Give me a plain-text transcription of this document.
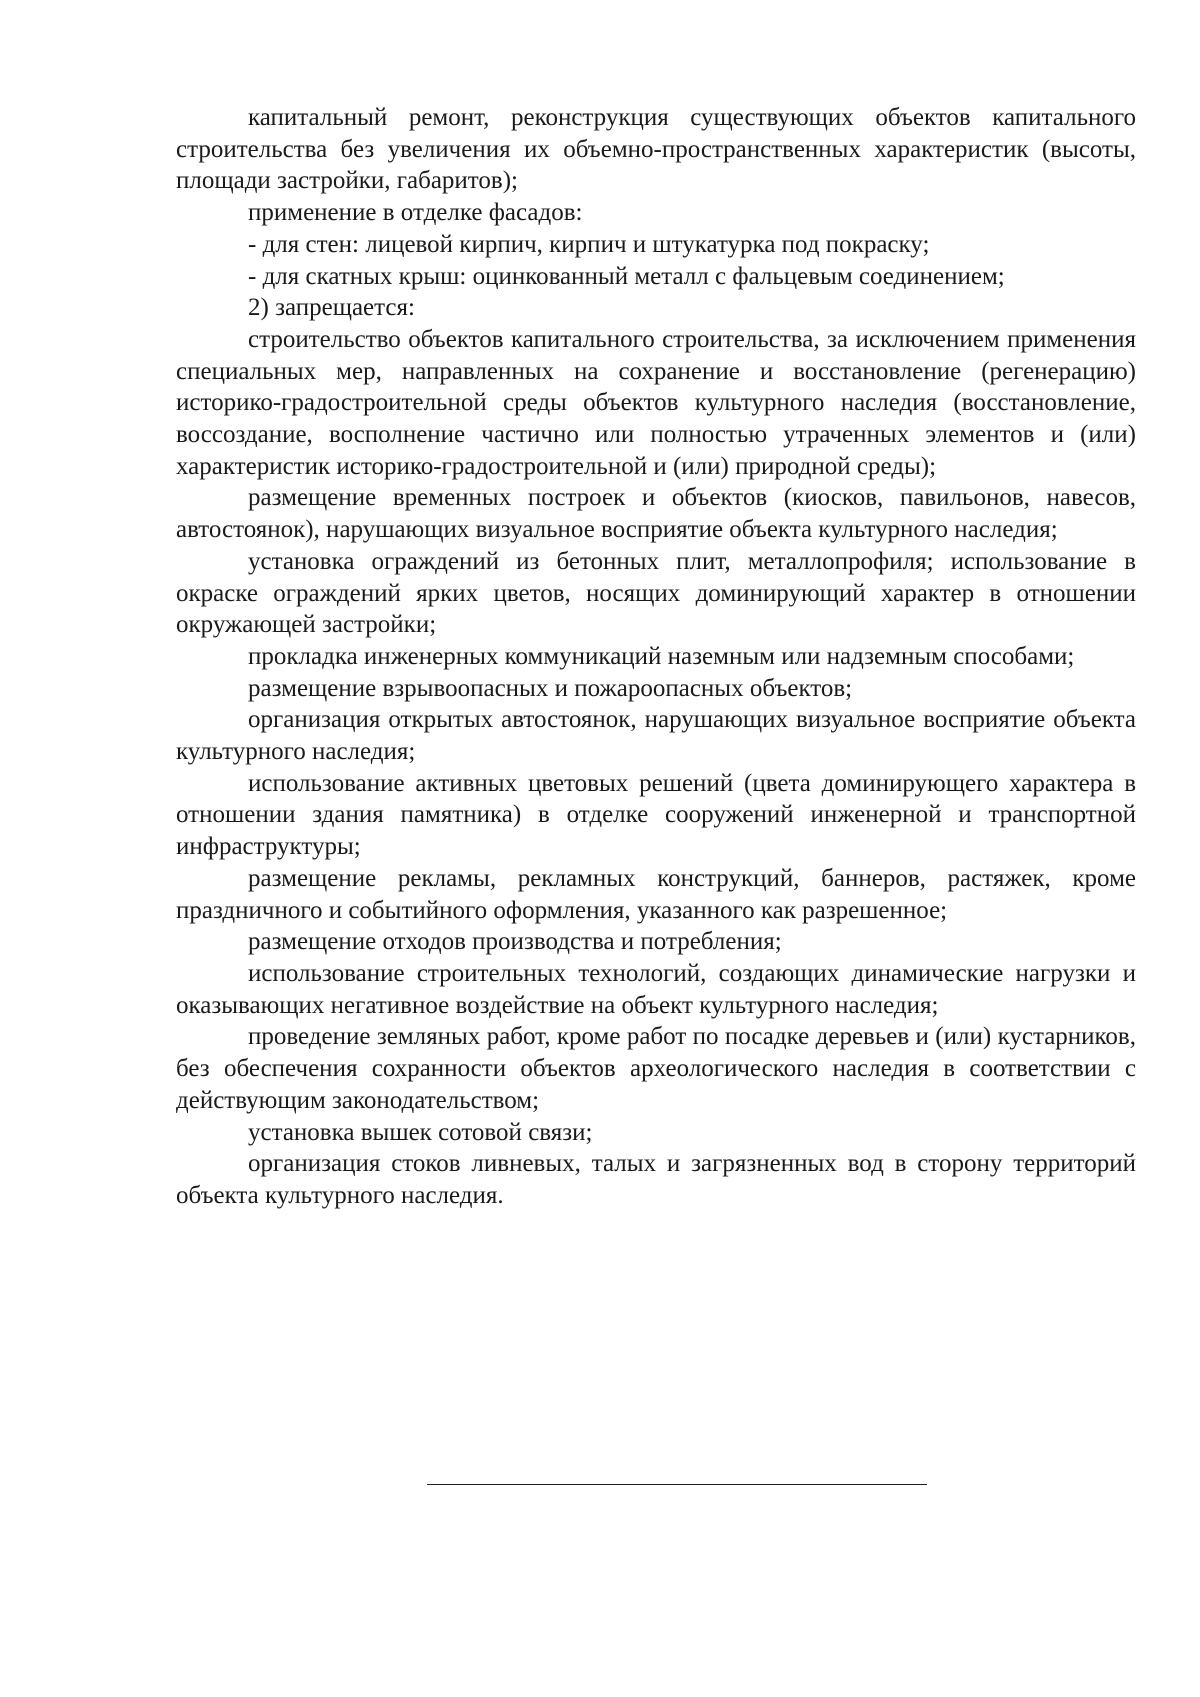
капитальный ремонт, реконструкция существующих объектов капитального строительства без увеличения их объемно-пространственных характеристик (высоты, площади застройки, габаритов);

применение в отделке фасадов:

- для стен: лицевой кирпич, кирпич и штукатурка под покраску;

- для скатных крыш: оцинкованный металл с фальцевым соединением;

2) запрещается:

строительство объектов капитального строительства, за исключением применения специальных мер, направленных на сохранение и восстановление (регенерацию) историко-градостроительной среды объектов культурного наследия (восстановление, воссоздание, восполнение частично или полностью утраченных элементов и (или) характеристик историко-градостроительной и (или) природной среды);

размещение временных построек и объектов (киосков, павильонов, навесов, автостоянок), нарушающих визуальное восприятие объекта культурного наследия;

установка ограждений из бетонных плит, металлопрофиля; использование в окраске ограждений ярких цветов, носящих доминирующий характер в отношении окружающей застройки;

прокладка инженерных коммуникаций наземным или надземным способами;

размещение взрывоопасных и пожароопасных объектов;

организация открытых автостоянок, нарушающих визуальное восприятие объекта культурного наследия;

использование активных цветовых решений (цвета доминирующего характера в отношении здания памятника) в отделке сооружений инженерной и транспортной инфраструктуры;

размещение рекламы, рекламных конструкций, баннеров, растяжек, кроме праздничного и событийного оформления, указанного как разрешенное;

размещение отходов производства и потребления;

использование строительных технологий, создающих динамические нагрузки и оказывающих негативное воздействие на объект культурного наследия;

проведение земляных работ, кроме работ по посадке деревьев и (или) кустарников, без обеспечения сохранности объектов археологического наследия в соответствии с действующим законодательством;

установка вышек сотовой связи;

организация стоков ливневых, талых и загрязненных вод в сторону территорий объекта культурного наследия.
